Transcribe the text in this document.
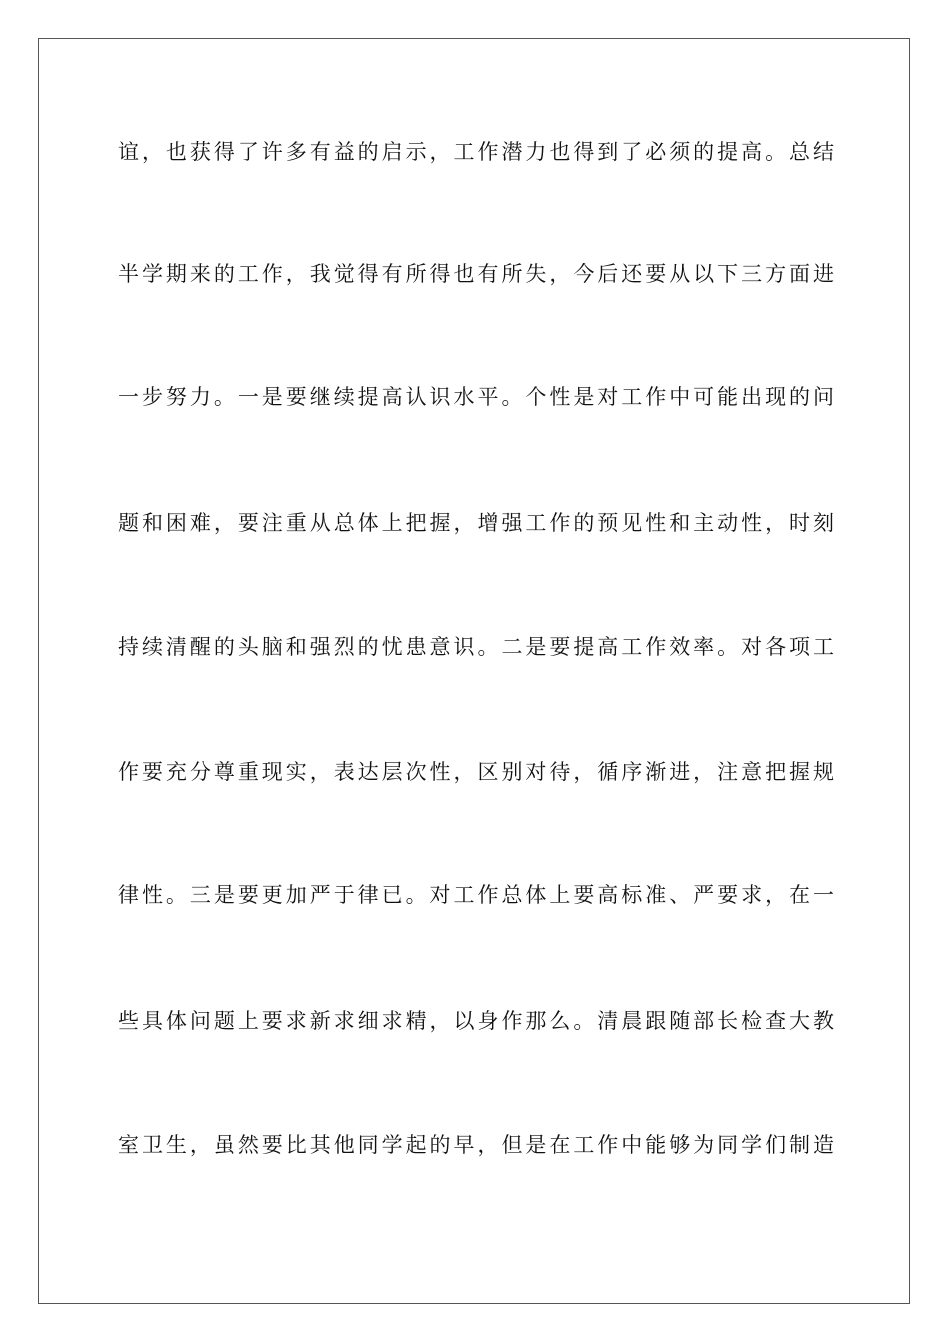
谊，也获得了许多有益的启示，工作潜力也得到了必须的提高。总结
半学期来的工作，我觉得有所得也有所失，今后还要从以下三方面进
一步努力。一是要继续提高认识水平。个性是对工作中可能出现的问
题和困难，要注重从总体上把握，增强工作的预见性和主动性，时刻
持续清醒的头脑和强烈的忧患意识。二是要提高工作效率。对各项工
作要充分尊重现实，表达层次性，区别对待，循序渐进，注意把握规
律性。三是要更加严于律已。对工作总体上要高标准、严要求，在一
些具体问题上要求新求细求精，以身作那么。清晨跟随部长检查大教
室卫生，虽然要比其他同学起的早，但是在工作中能够为同学们制造
